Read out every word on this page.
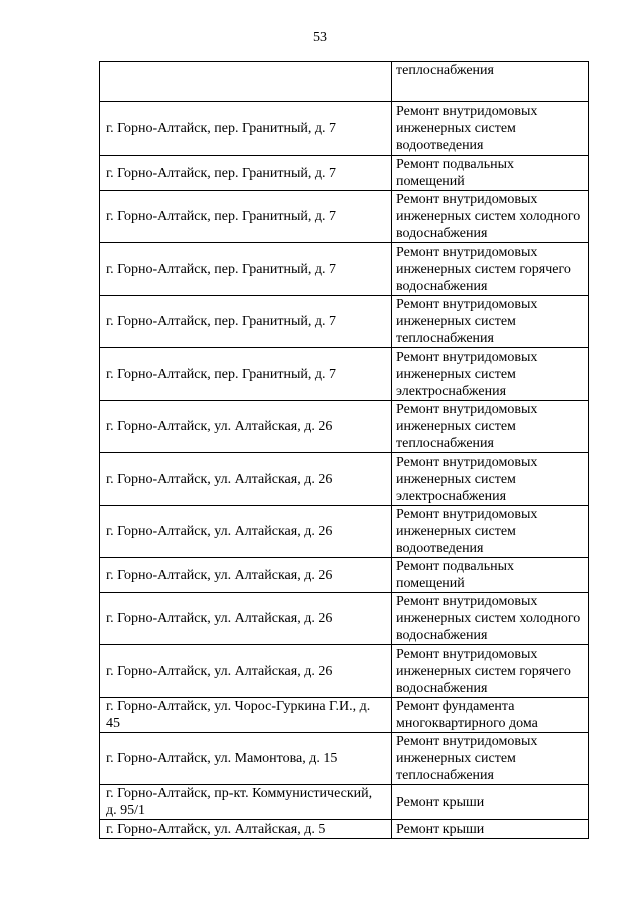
53
	теплоснабжения
г. Горно-Алтайск, пер. Гранитный, д. 7	Ремонт внутридомовых инженерных систем водоотведения
г. Горно-Алтайск, пер. Гранитный, д. 7	Ремонт подвальных помещений
г. Горно-Алтайск, пер. Гранитный, д. 7	Ремонт внутридомовых инженерных систем холодного водоснабжения
г. Горно-Алтайск, пер. Гранитный, д. 7	Ремонт внутридомовых инженерных систем горячего водоснабжения
г. Горно-Алтайск, пер. Гранитный, д. 7	Ремонт внутридомовых инженерных систем теплоснабжения
г. Горно-Алтайск, пер. Гранитный, д. 7	Ремонт внутридомовых инженерных систем электроснабжения
г. Горно-Алтайск, ул. Алтайская, д. 26	Ремонт внутридомовых инженерных систем теплоснабжения
г. Горно-Алтайск, ул. Алтайская, д. 26	Ремонт внутридомовых инженерных систем электроснабжения
г. Горно-Алтайск, ул. Алтайская, д. 26	Ремонт внутридомовых инженерных систем водоотведения
г. Горно-Алтайск, ул. Алтайская, д. 26	Ремонт подвальных помещений
г. Горно-Алтайск, ул. Алтайская, д. 26	Ремонт внутридомовых инженерных систем холодного водоснабжения
г. Горно-Алтайск, ул. Алтайская, д. 26	Ремонт внутридомовых инженерных систем горячего водоснабжения
г. Горно-Алтайск, ул. Чорос-Гуркина Г.И., д. 45	Ремонт фундамента многоквартирного дома
г. Горно-Алтайск, ул. Мамонтова, д. 15	Ремонт внутридомовых инженерных систем теплоснабжения
г. Горно-Алтайск, пр-кт. Коммунистический, д. 95/1	Ремонт крыши
г. Горно-Алтайск, ул. Алтайская, д. 5	Ремонт крыши
